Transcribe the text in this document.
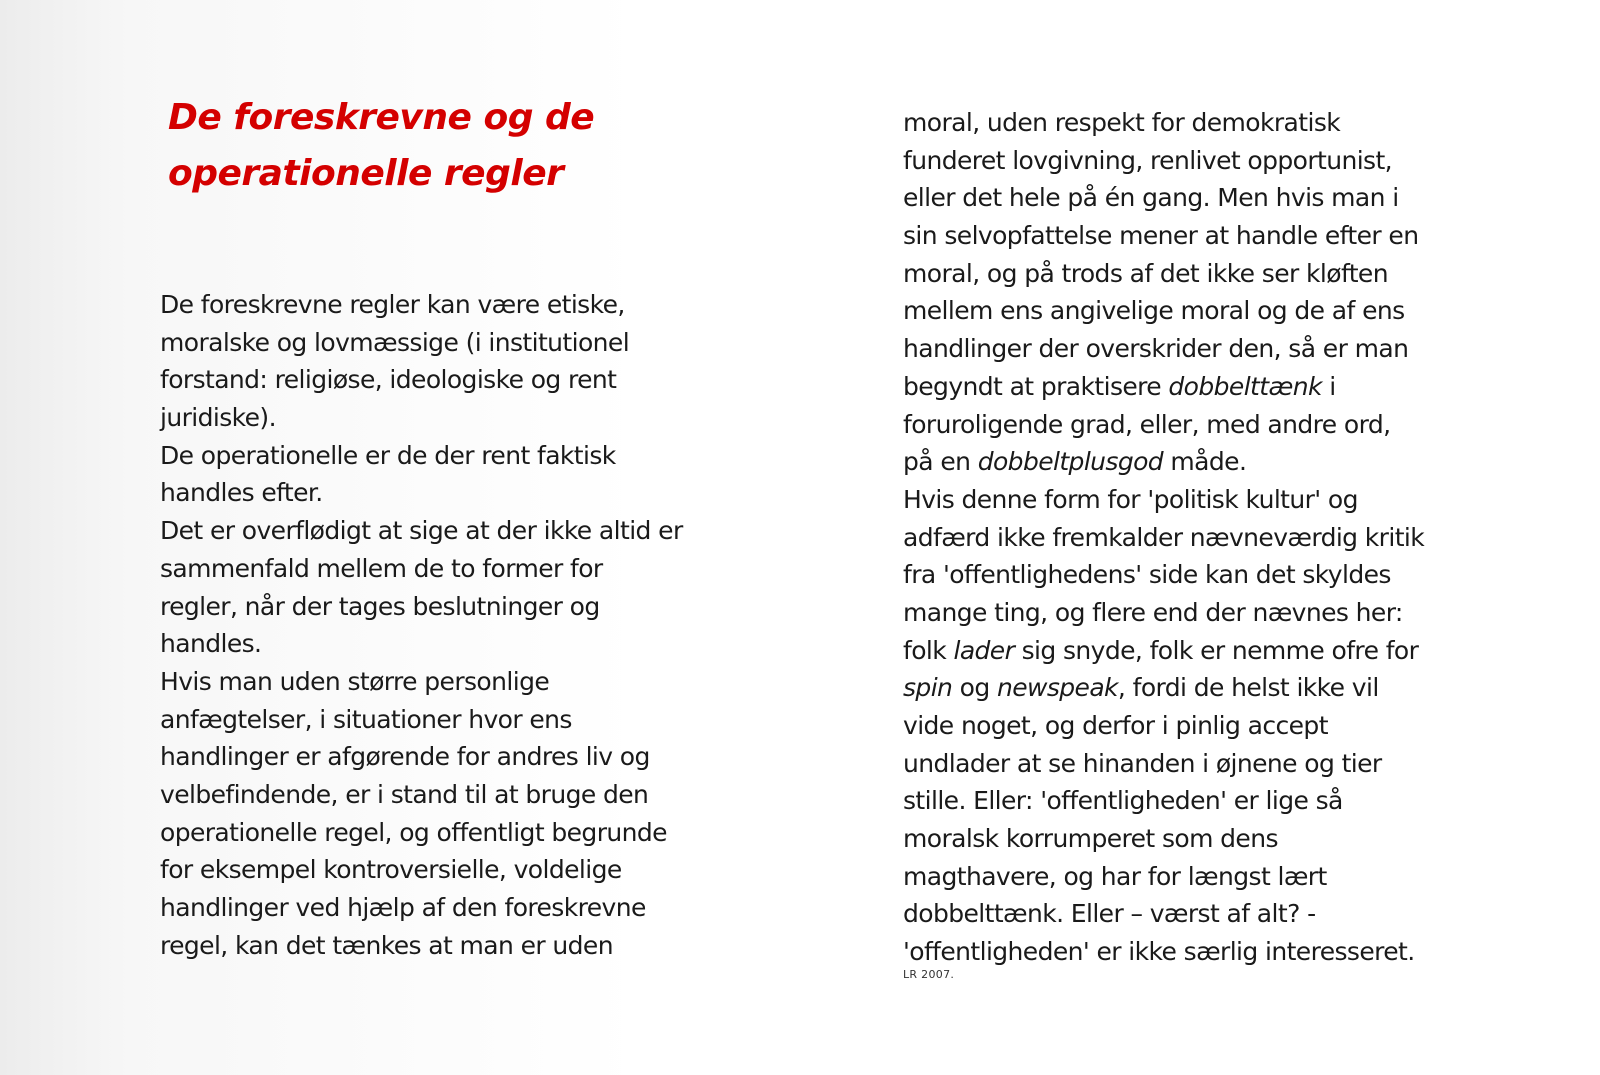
De foreskrevne og de
operationelle regler
De foreskrevne regler kan være etiske,
moralske og lovmæssige (i institutionel
forstand: religiøse, ideologiske og rent
juridiske).
De operationelle er de der rent faktisk
handles efter.
Det er overflødigt at sige at der ikke altid er
sammenfald mellem de to former for
regler, når der tages beslutninger og
handles.
Hvis man uden større personlige
anfægtelser, i situationer hvor ens
handlinger er afgørende for andres liv og
velbefindende, er i stand til at bruge den
operationelle regel, og offentligt begrunde
for eksempel kontroversielle, voldelige
handlinger ved hjælp af den foreskrevne
regel, kan det tænkes at man er uden
moral, uden respekt for demokratisk
funderet lovgivning, renlivet opportunist,
eller det hele på én gang. Men hvis man i
sin selvopfattelse mener at handle efter en
moral, og på trods af det ikke ser kløften
mellem ens angivelige moral og de af ens
handlinger der overskrider den, så er man
begyndt at praktisere dobbelttænk i
foruroligende grad, eller, med andre ord,
på en dobbeltplusgod måde.
Hvis denne form for 'politisk kultur' og
adfærd ikke fremkalder nævneværdig kritik
fra 'offentlighedens' side kan det skyldes
mange ting, og flere end der nævnes her:
folk lader sig snyde, folk er nemme ofre for
spin og newspeak, fordi de helst ikke vil
vide noget, og derfor i pinlig accept
undlader at se hinanden i øjnene og tier
stille. Eller: 'offentligheden' er lige så
moralsk korrumperet som dens
magthavere, og har for længst lært
dobbelttænk. Eller – værst af alt? -
'offentligheden' er ikke særlig interesseret.
LR 2007.
